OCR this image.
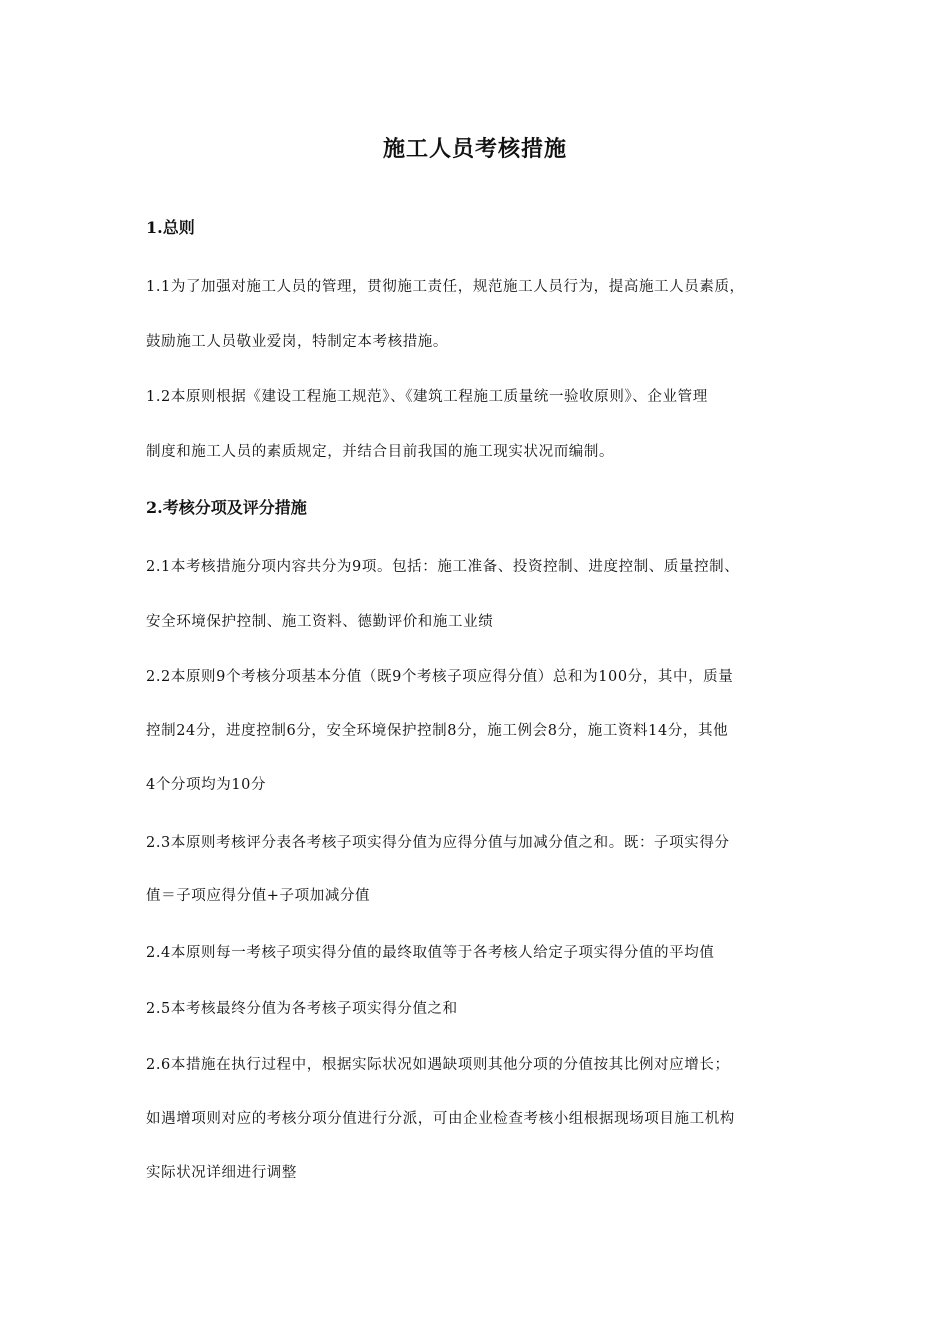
施工人员考核措施
1.总则
1.1为了加强对施工人员的管理，贯彻施工责任，规范施工人员行为，提高施工人员素质，
鼓励施工人员敬业爱岗，特制定本考核措施。
1.2本原则根据《建设工程施工规范》、《建筑工程施工质量统一验收原则》、企业管理
制度和施工人员的素质规定，并结合目前我国的施工现实状况而编制。
2.考核分项及评分措施
2.1本考核措施分项内容共分为9项。包括：施工准备、投资控制、进度控制、质量控制、
安全环境保护控制、施工资料、德勤评价和施工业绩
2.2本原则9个考核分项基本分值（既9个考核子项应得分值）总和为100分，其中，质量
控制24分，进度控制6分，安全环境保护控制8分，施工例会8分，施工资料14分，其他
4个分项均为10分
2.3本原则考核评分表各考核子项实得分值为应得分值与加减分值之和。既：子项实得分
值＝子项应得分值+子项加减分值
2.4本原则每一考核子项实得分值的最终取值等于各考核人给定子项实得分值的平均值
2.5本考核最终分值为各考核子项实得分值之和
2.6本措施在执行过程中，根据实际状况如遇缺项则其他分项的分值按其比例对应增长；
如遇增项则对应的考核分项分值进行分派，可由企业检查考核小组根据现场项目施工机构
实际状况详细进行调整
